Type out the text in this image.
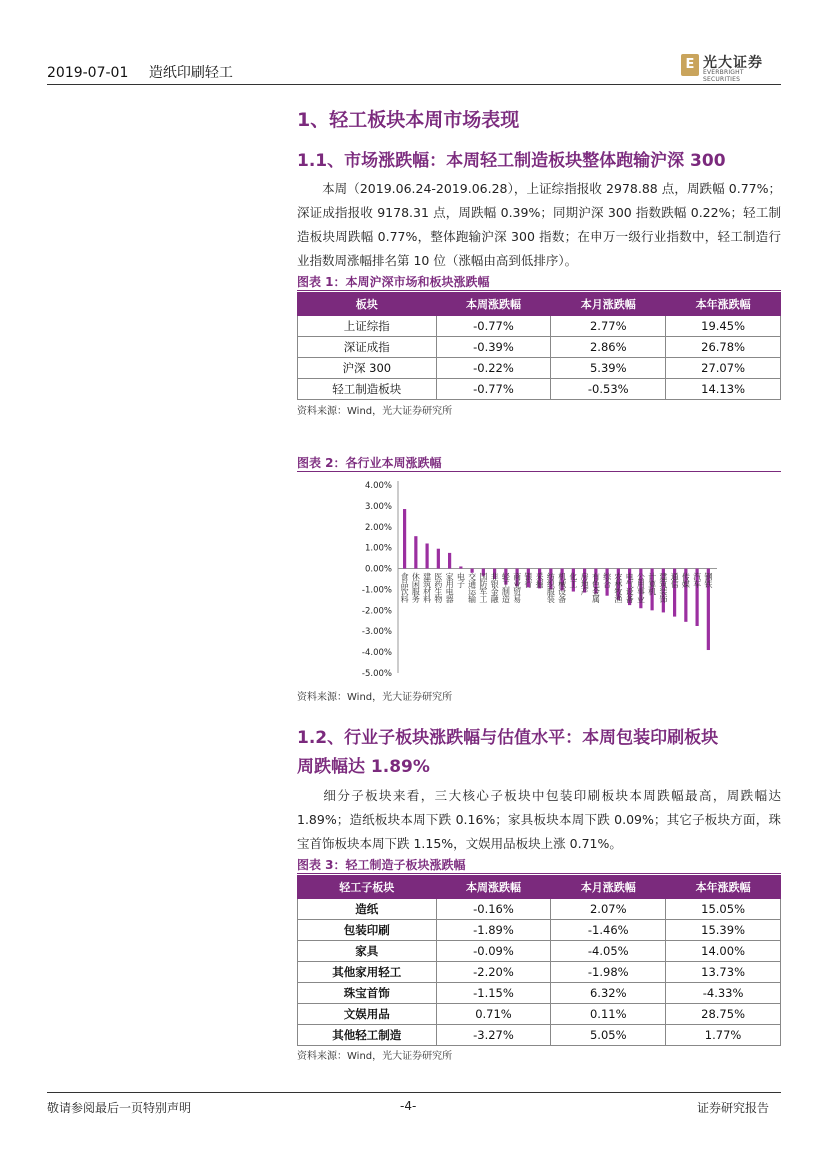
2019-07-01 造纸印刷轻工
E 光大证券
EVERBRIGHT SECURITIES
1、轻工板块本周市场表现
1.1、市场涨跌幅：本周轻工制造板块整体跑输沪深 300
本周（2019.06.24-2019.06.28），上证综指报收 2978.88 点，周跌幅 0.77%；深证成指报收 9178.31 点，周跌幅 0.39%；同期沪深 300 指数跌幅 0.22%；轻工制造板块周跌幅 0.77%，整体跑输沪深 300 指数；在申万一级行业指数中，轻工制造行业指数周涨幅排名第 10 位（涨幅由高到低排序）。
图表 1：本周沪深市场和板块涨跌幅
板块	本周涨跌幅	本月涨跌幅	本年涨跌幅
上证综指	-0.77%	2.77%	19.45%
深证成指	-0.39%	2.86%	26.78%
沪深 300	-0.22%	5.39%	27.07%
轻工制造板块	-0.77%	-0.53%	14.13%
资料来源：Wind，光大证券研究所
图表 2：各行业本周涨跌幅
4.00%
3.00%
2.00%
1.00%
0.00%
-1.00%
-2.00%
-3.00%
-4.00%
-5.00%
食品饮料 休闲服务 建筑材料 医药生物 家用电器 电子 交通运输 国防军工 非银金融 轻工制造 商业贸易 银行 采掘 纺织服装 机械设备 化工 房地产 有色金属 综合 农林牧渔 电气设备 公用事业 计算机 建筑装饰 通信 传媒 汽车 钢铁
资料来源：Wind，光大证券研究所
1.2、行业子板块涨跌幅与估值水平：本周包装印刷板块
周跌幅达 1.89%
细分子板块来看，三大核心子板块中包装印刷板块本周跌幅最高，周跌幅达 1.89%；造纸板块本周下跌 0.16%；家具板块本周下跌 0.09%；其它子板块方面，珠宝首饰板块本周下跌 1.15%，文娱用品板块上涨 0.71%。
图表 3：轻工制造子板块涨跌幅
轻工子板块	本周涨跌幅	本月涨跌幅	本年涨跌幅
造纸	-0.16%	2.07%	15.05%
包装印刷	-1.89%	-1.46%	15.39%
家具	-0.09%	-4.05%	14.00%
其他家用轻工	-2.20%	-1.98%	13.73%
珠宝首饰	-1.15%	6.32%	-4.33%
文娱用品	0.71%	0.11%	28.75%
其他轻工制造	-3.27%	5.05%	1.77%
资料来源：Wind，光大证券研究所
敬请参阅最后一页特别声明	-4-	证券研究报告
